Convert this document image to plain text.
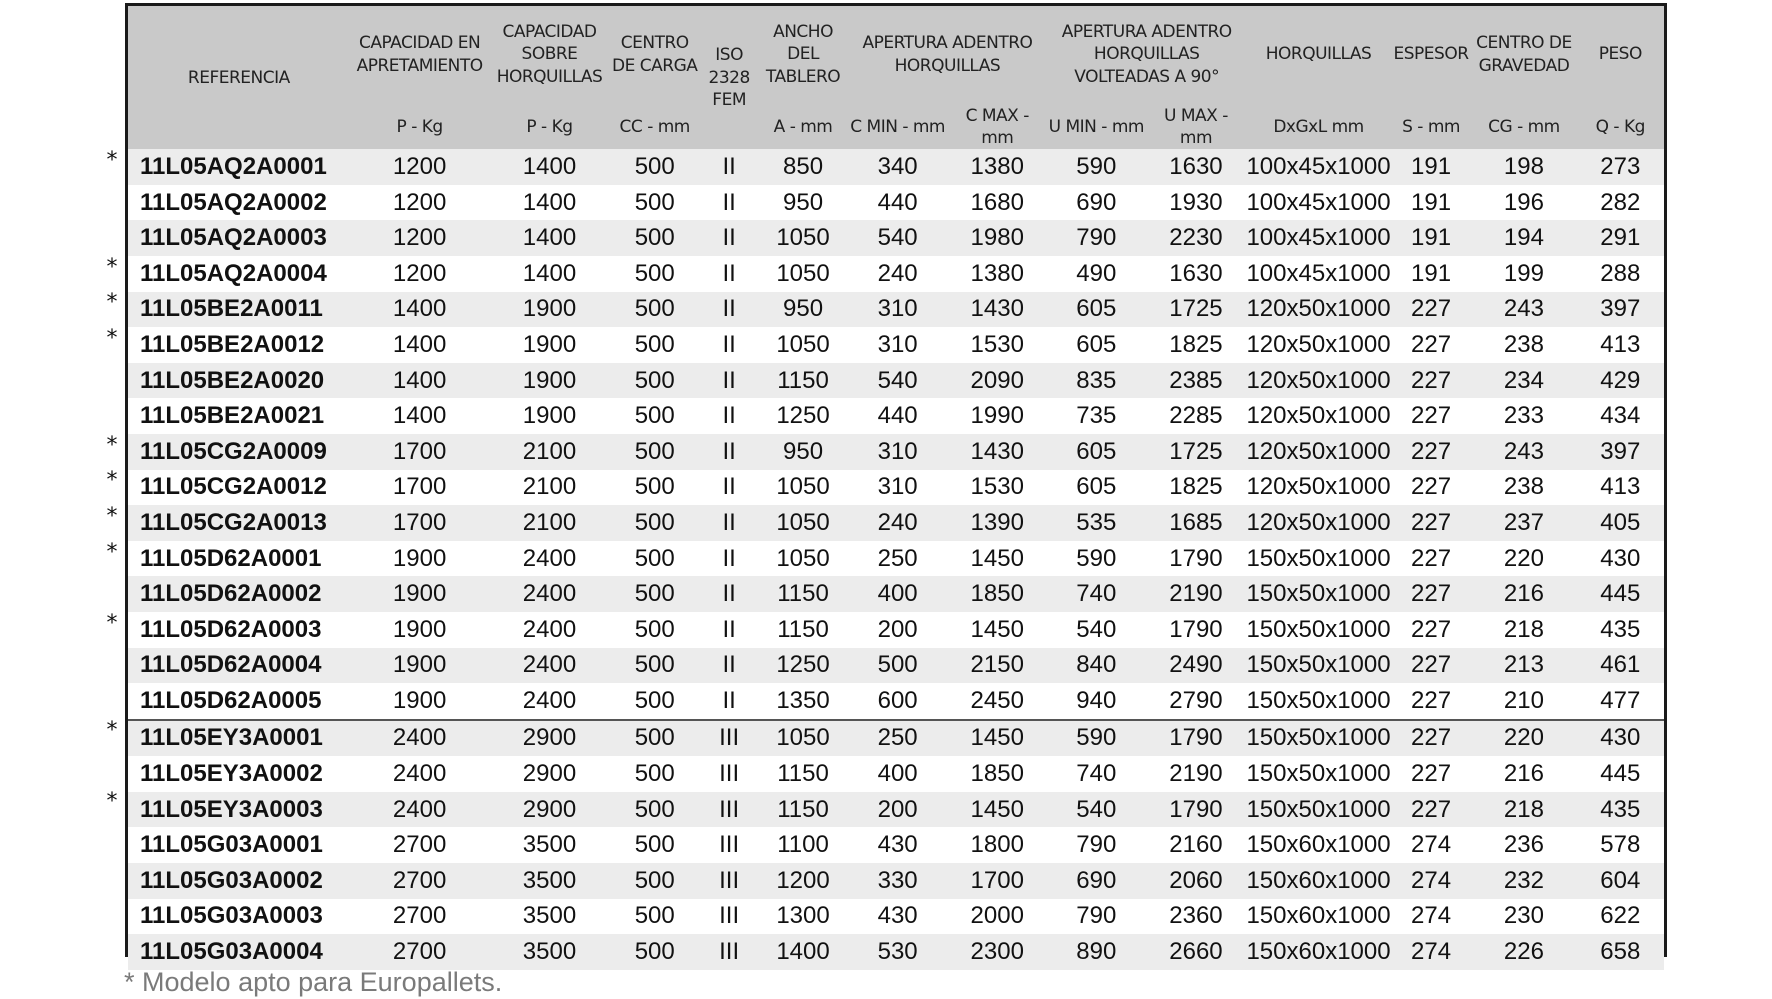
*
*
*
*
*
*
*
*
*
*
*
REFERENCIA	CAPACIDAD EN APRETAMIENTO	CAPACIDAD SOBRE HORQUILLAS	CENTRO DE CARGA	ISO 2328 FEM	ANCHO DEL TABLERO	APERTURA ADENTRO HORQUILLAS		APERTURA ADENTRO HORQUILLAS VOLTEADAS A 90°		HORQUILLAS	ESPESOR	CENTRO DE GRAVEDAD	PESO
	P - Kg	P - Kg	CC - mm		A - mm	C MIN - mm	C MAX - mm	U MIN - mm	U MAX - mm	DxGxL mm	S - mm	CG - mm	Q - Kg
11L05AQ2A0001	1200	1400	500	II	850	340	1380	590	1630	100x45x1000	191	198	273
11L05AQ2A0002	1200	1400	500	II	950	440	1680	690	1930	100x45x1000	191	196	282
11L05AQ2A0003	1200	1400	500	II	1050	540	1980	790	2230	100x45x1000	191	194	291
11L05AQ2A0004	1200	1400	500	II	1050	240	1380	490	1630	100x45x1000	191	199	288
11L05BE2A0011	1400	1900	500	II	950	310	1430	605	1725	120x50x1000	227	243	397
11L05BE2A0012	1400	1900	500	II	1050	310	1530	605	1825	120x50x1000	227	238	413
11L05BE2A0020	1400	1900	500	II	1150	540	2090	835	2385	120x50x1000	227	234	429
11L05BE2A0021	1400	1900	500	II	1250	440	1990	735	2285	120x50x1000	227	233	434
11L05CG2A0009	1700	2100	500	II	950	310	1430	605	1725	120x50x1000	227	243	397
11L05CG2A0012	1700	2100	500	II	1050	310	1530	605	1825	120x50x1000	227	238	413
11L05CG2A0013	1700	2100	500	II	1050	240	1390	535	1685	120x50x1000	227	237	405
11L05D62A0001	1900	2400	500	II	1050	250	1450	590	1790	150x50x1000	227	220	430
11L05D62A0002	1900	2400	500	II	1150	400	1850	740	2190	150x50x1000	227	216	445
11L05D62A0003	1900	2400	500	II	1150	200	1450	540	1790	150x50x1000	227	218	435
11L05D62A0004	1900	2400	500	II	1250	500	2150	840	2490	150x50x1000	227	213	461
11L05D62A0005	1900	2400	500	II	1350	600	2450	940	2790	150x50x1000	227	210	477
11L05EY3A0001	2400	2900	500	III	1050	250	1450	590	1790	150x50x1000	227	220	430
11L05EY3A0002	2400	2900	500	III	1150	400	1850	740	2190	150x50x1000	227	216	445
11L05EY3A0003	2400	2900	500	III	1150	200	1450	540	1790	150x50x1000	227	218	435
11L05G03A0001	2700	3500	500	III	1100	430	1800	790	2160	150x60x1000	274	236	578
11L05G03A0002	2700	3500	500	III	1200	330	1700	690	2060	150x60x1000	274	232	604
11L05G03A0003	2700	3500	500	III	1300	430	2000	790	2360	150x60x1000	274	230	622
11L05G03A0004	2700	3500	500	III	1400	530	2300	890	2660	150x60x1000	274	226	658
* Modelo apto para Europallets.
